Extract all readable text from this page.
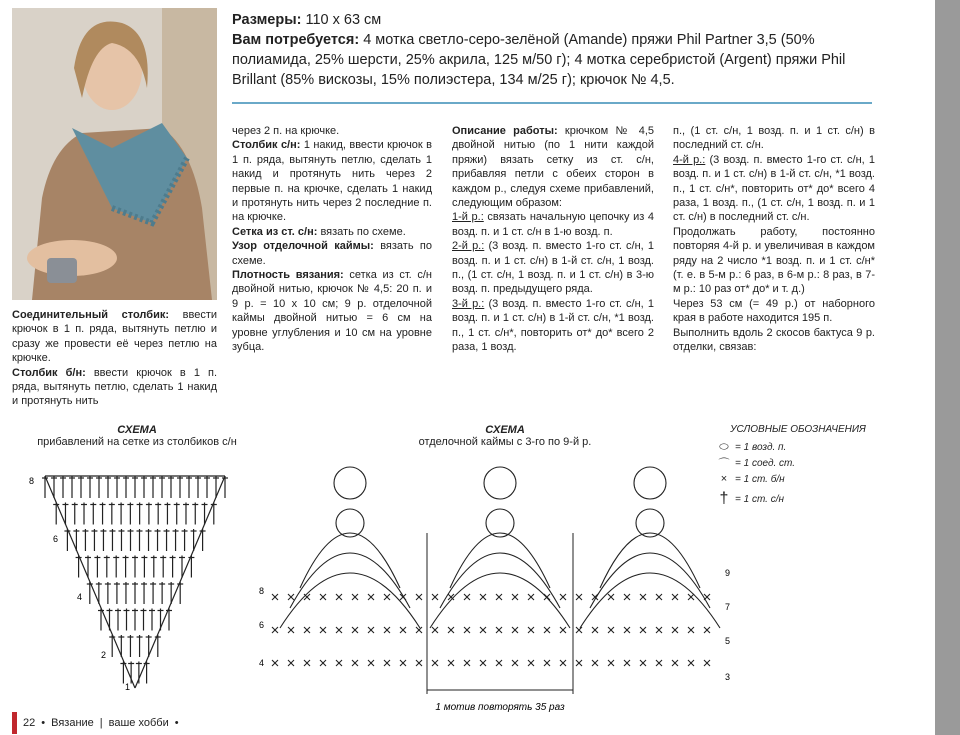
Размеры: 110 х 63 см
Вам потребуется: 4 мотка светло-серо-зелёной (Amande) пряжи Phil Partner 3,5 (50% полиамида, 25% шерсти, 25% акрила, 125 м/50 г); 4 мотка серебристой (Argent) пряжи Phil Brillant (85% вискозы, 15% полиэстера, 134 м/25 г); крючок № 4,5.

Соединительный столбик: ввести крючок в 1 п. ряда, вытянуть петлю и сразу же провести её через петлю на крючке.

Столбик б/н: ввести крючок в 1 п. ряда, вытянуть петлю, сделать 1 накид и протянуть нить

через 2 п. на крючке.

Столбик с/н: 1 накид, ввести крючок в 1 п. ряда, вытянуть петлю, сделать 1 накид и протянуть нить через 2 первые п. на крючке, сделать 1 накид и протянуть нить через 2 последние п. на крючке.

Сетка из ст. с/н: вязать по схеме.

Узор отделочной каймы: вязать по схеме.

Плотность вязания: сетка из ст. с/н двойной нитью, крючок № 4,5: 20 п. и 9 р. = 10 х 10 см; 9 р. отделочной каймы двойной нитью = 6 см на уровне углубления и 10 см на уровне зубца.

Описание работы: крючком № 4,5 двойной нитью (по 1 нити каждой пряжи) вязать сетку из ст. с/н, прибавляя петли с обеих сторон в каждом р., следуя схеме прибавлений, следующим образом:

1-й р.: связать начальную цепочку из 4 возд. п. и 1 ст. с/н в 1-ю возд. п.

2-й р.: (3 возд. п. вместо 1-го ст. с/н, 1 возд. п. и 1 ст. с/н) в 1-й ст. с/н, 1 возд. п., (1 ст. с/н, 1 возд. п. и 1 ст. с/н) в 3-ю возд. п. предыдущего ряда.

3-й р.: (3 возд. п. вместо 1-го ст. с/н, 1 возд. п. и 1 ст. с/н) в 1-й ст. с/н, *1 возд. п., 1 ст. с/н*, повторить от* до* всего 2 раза, 1 возд.

п., (1 ст. с/н, 1 возд. п. и 1 ст. с/н) в последний ст. с/н.

4-й р.: (3 возд. п. вместо 1-го ст. с/н, 1 возд. п. и 1 ст. с/н) в 1-й ст. с/н, *1 возд. п., 1 ст. с/н*, повторить от* до* всего 4 раза, 1 возд. п., (1 ст. с/н, 1 возд. п. и 1 ст. с/н) в последний ст. с/н.

Продолжать работу, постоянно повторяя 4-й р. и увеличивая в каждом ряду на 2 число *1 возд. п. и 1 ст. с/н* (т. е. в 5-м р.: 6 раз, в 6-м р.: 8 раз, в 7-м р.: 10 раз от* до* и т. д.)

Через 53 см (= 49 р.) от наборного края в работе находится 195 п.

Выполнить вдоль 2 скосов бактуса 9 р. отделки, связав:

СХЕМА
прибавлений на сетке из столбиков с/н
8
6
4
2
1
СХЕМА
отделочной каймы с 3-го по 9-й р.
1 мотив повторять 35 раз
4
6
8
3
5
7
9
УСЛОВНЫЕ ОБОЗНАЧЕНИЯ
⬭ = 1 возд. п.
⌒ = 1 соед. ст.
× = 1 ст. б/н
† = 1 ст. с/н
22 • Вязание | ваше хобби •
